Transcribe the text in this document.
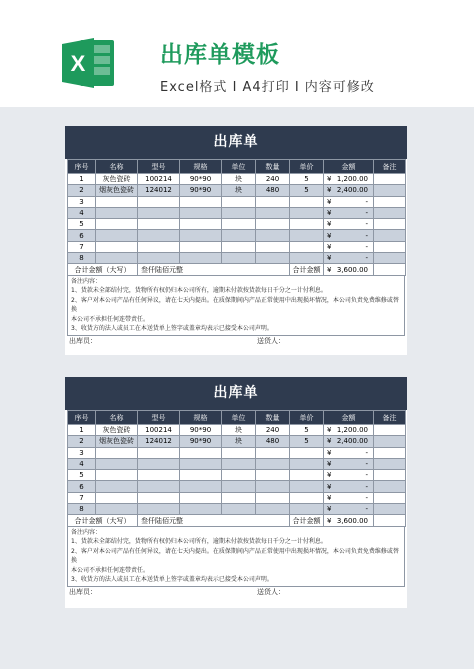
X	出库单模板
Excel格式 I A4打印 I 内容可修改
出库单
序号	名称	型号	规格	单位	数量	单价	金额		备注
1	灰色瓷砖	100214	90*90	块	240	5	¥	1,200.00	
2	烟灰色瓷砖	124012	90*90	块	480	5	¥	2,400.00	
3							¥	-	
4							¥	-	
5							¥	-	
6							¥	-	
7							¥	-	
8							¥	-	
合计金额（大写）		叁仟陆佰元整				合计金额	¥	3,600.00	
备注内容：
1、货款未全部结付完，货物所有权仍归本公司所有，逾期未付款按货款每日千分之一计付利息。
2、客户对本公司产品有任何异议，请在七天内提出。在质保期间内产品正常使用中出现损坏情况，本公司负责免费维修或替换
本公司不承担任何连带责任。
3、收货方的法人或员工在本送货单上签字或盖章均表示已接受本公司声明。
出库员：	送货人：
出库单
序号	名称	型号	规格	单位	数量	单价	金额		备注
1	灰色瓷砖	100214	90*90	块	240	5	¥	1,200.00	
2	烟灰色瓷砖	124012	90*90	块	480	5	¥	2,400.00	
3							¥	-	
4							¥	-	
5							¥	-	
6							¥	-	
7							¥	-	
8							¥	-	
合计金额（大写）		叁仟陆佰元整				合计金额	¥	3,600.00	
备注内容：
1、货款未全部结付完，货物所有权仍归本公司所有，逾期未付款按货款每日千分之一计付利息。
2、客户对本公司产品有任何异议，请在七天内提出。在质保期间内产品正常使用中出现损坏情况，本公司负责免费维修或替换
本公司不承担任何连带责任。
3、收货方的法人或员工在本送货单上签字或盖章均表示已接受本公司声明。
出库员：	送货人：
